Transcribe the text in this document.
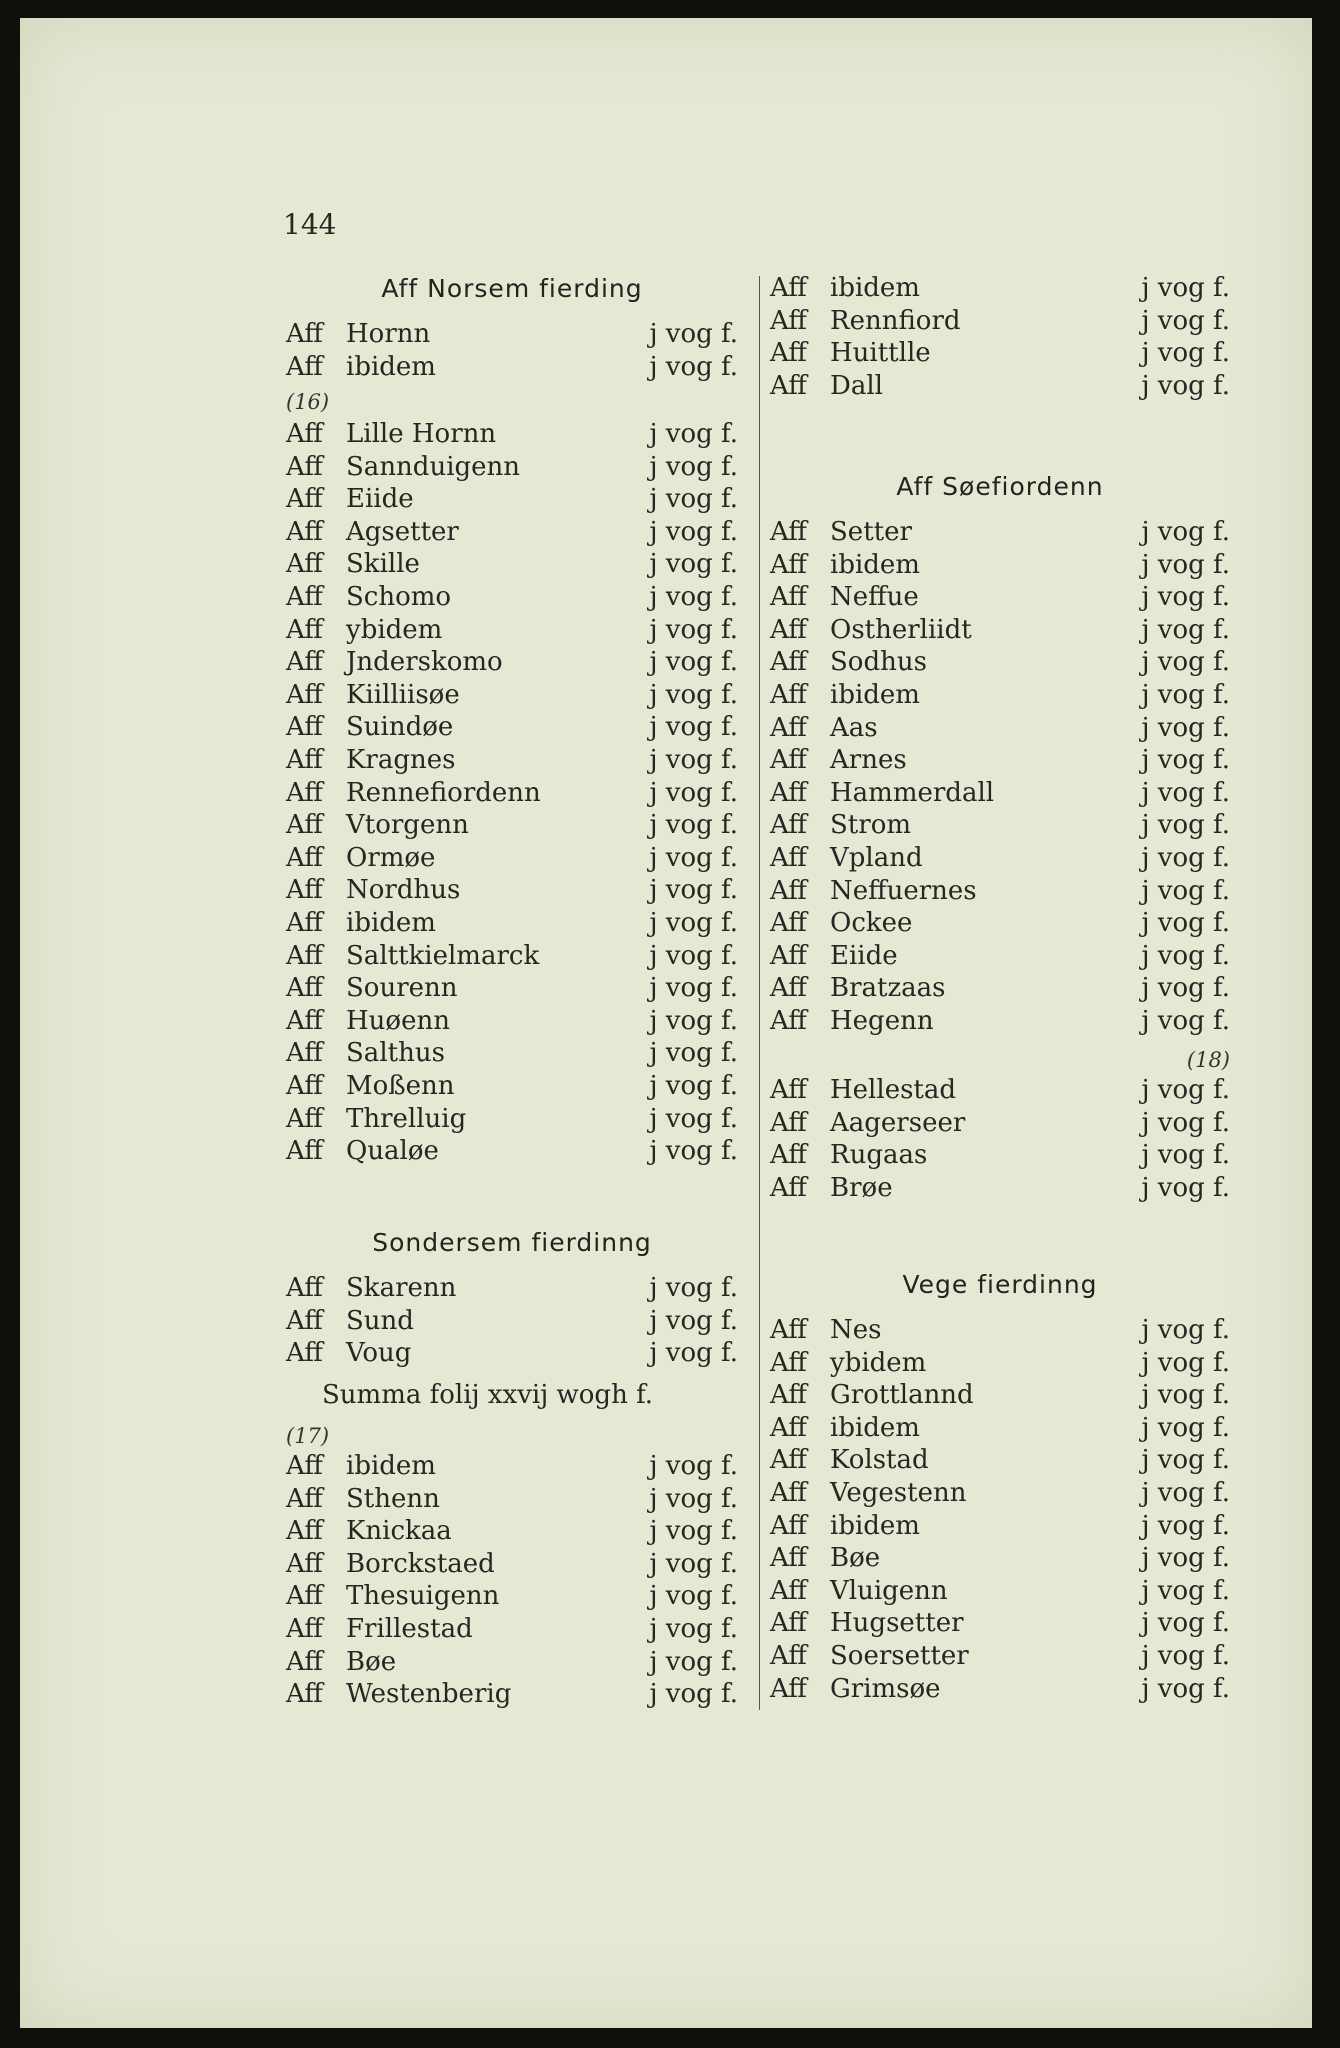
144
Aff Norsem fierding
Aff Hornn	j vog f.
Aff ibidem	j vog f.
Aff Lille Hornn	j vog f.
Aff Sannduigenn	j vog f.
Aff Eiide	j vog f.
Aff Agsetter	j vog f.
Aff Skille	j vog f.
Aff Schomo	j vog f.
Aff ybidem	j vog f.
Aff Jnderskomo	j vog f.
Aff Kiilliisøe	j vog f.
Aff Suindøe	j vog f.
Aff Kragnes	j vog f.
Aff Rennefiordenn	j vog f.
Aff Vtorgenn	j vog f.
Aff Ormøe	j vog f.
Aff Nordhus	j vog f.
Aff ibidem	j vog f.
Aff Salttkielmarck	j vog f.
Aff Sourenn	j vog f.
Aff Huøenn	j vog f.
Aff Salthus	j vog f.
Aff Moßenn	j vog f.
Aff Threlluig	j vog f.
Aff Qualøe	j vog f.
(16)
Sondersem fierdinng
Aff Skarenn	j vog f.
Aff Sund	j vog f.
Aff Voug	j vog f.
Summa folij xxvij wogh f.
(17)
Aff ibidem	j vog f.
Aff Sthenn	j vog f.
Aff Knickaa	j vog f.
Aff Borckstaed	j vog f.
Aff Thesuigenn	j vog f.
Aff Frillestad	j vog f.
Aff Bøe	j vog f.
Aff Westenberig	j vog f.
Aff ibidem	j vog f.
Aff Rennfiord	j vog f.
Aff Huittlle	j vog f.
Aff Dall	j vog f.
Aff Søefiordenn
Aff Setter	j vog f.
Aff ibidem	j vog f.
Aff Neffue	j vog f.
Aff Ostherliidt	j vog f.
Aff Sodhus	j vog f.
Aff ibidem	j vog f.
Aff Aas	j vog f.
Aff Arnes	j vog f.
Aff Hammerdall	j vog f.
Aff Strom	j vog f.
Aff Vpland	j vog f.
Aff Neffuernes	j vog f.
Aff Ockee	j vog f.
Aff Eiide	j vog f.
Aff Bratzaas	j vog f.
Aff Hegenn	j vog f.
(18)
Aff Hellestad	j vog f.
Aff Aagerseer	j vog f.
Aff Rugaas	j vog f.
Aff Brøe	j vog f.
Vege fierdinng
Aff Nes	j vog f.
Aff ybidem	j vog f.
Aff Grottlannd	j vog f.
Aff ibidem	j vog f.
Aff Kolstad	j vog f.
Aff Vegestenn	j vog f.
Aff ibidem	j vog f.
Aff Bøe	j vog f.
Aff Vluigenn	j vog f.
Aff Hugsetter	j vog f.
Aff Soersetter	j vog f.
Aff Grimsøe	j vog f.
